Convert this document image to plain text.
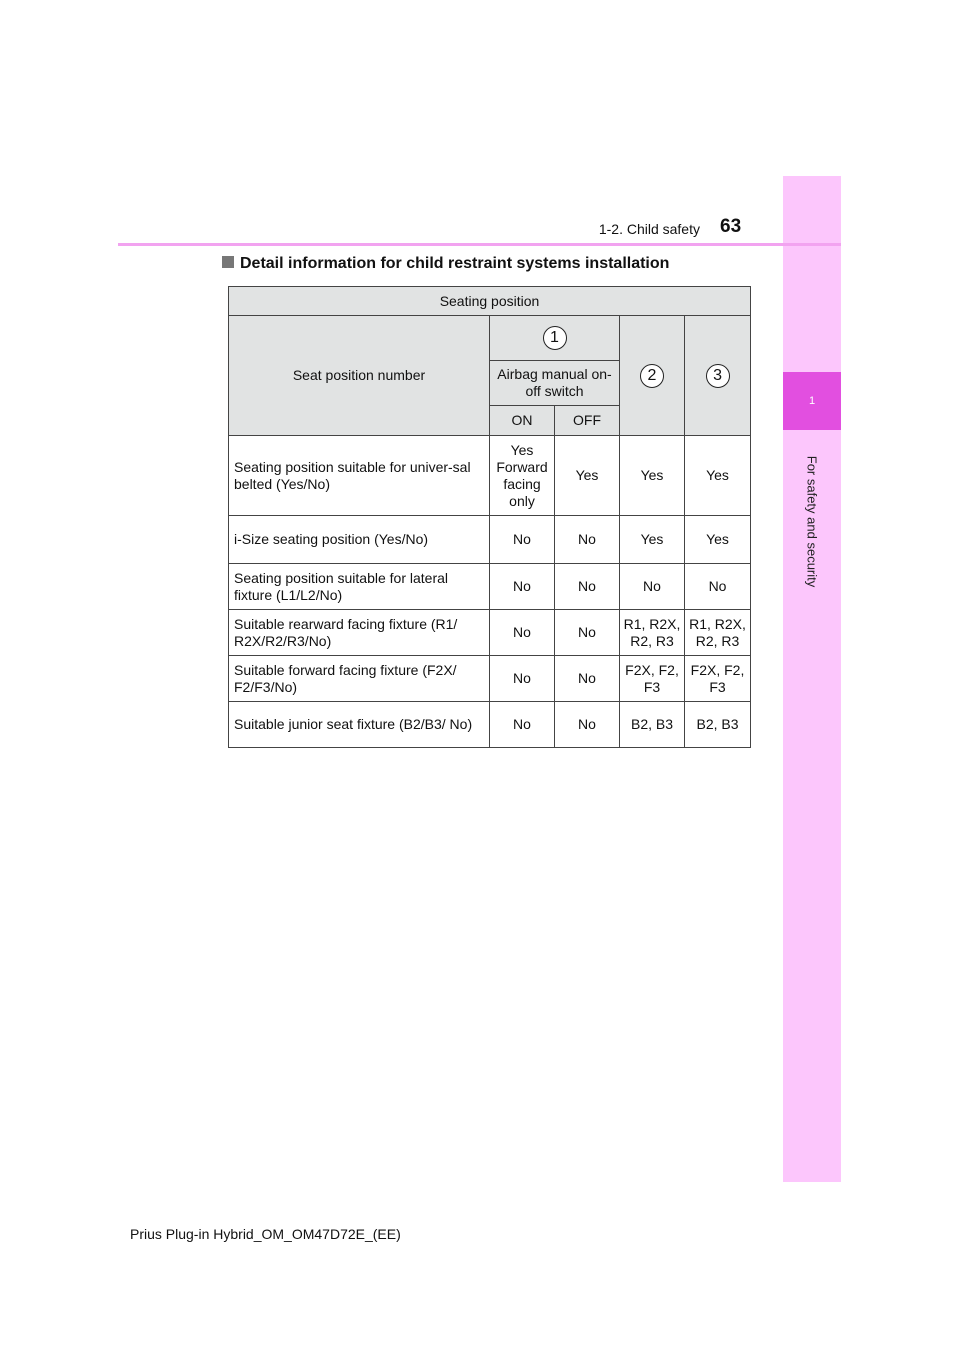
1
For safety and security
1-2. Child safety 63
Detail information for child restraint systems installation
Seating position				
Seat position number	1		2	3
	Airbag manual on-off switch			
	ON	OFF		
Seating position suitable for univer-sal belted (Yes/No)	Yes Forward facing only	Yes	Yes	Yes
i-Size seating position (Yes/No)	No	No	Yes	Yes
Seating position suitable for lateral fixture (L1/L2/No)	No	No	No	No
Suitable rearward facing fixture (R1/ R2X/R2/R3/No)	No	No	R1, R2X, R2, R3	R1, R2X, R2, R3
Suitable forward facing fixture (F2X/ F2/F3/No)	No	No	F2X, F2, F3	F2X, F2, F3
Suitable junior seat fixture (B2/B3/ No)	No	No	B2, B3	B2, B3
Prius Plug-in Hybrid_OM_OM47D72E_(EE)
